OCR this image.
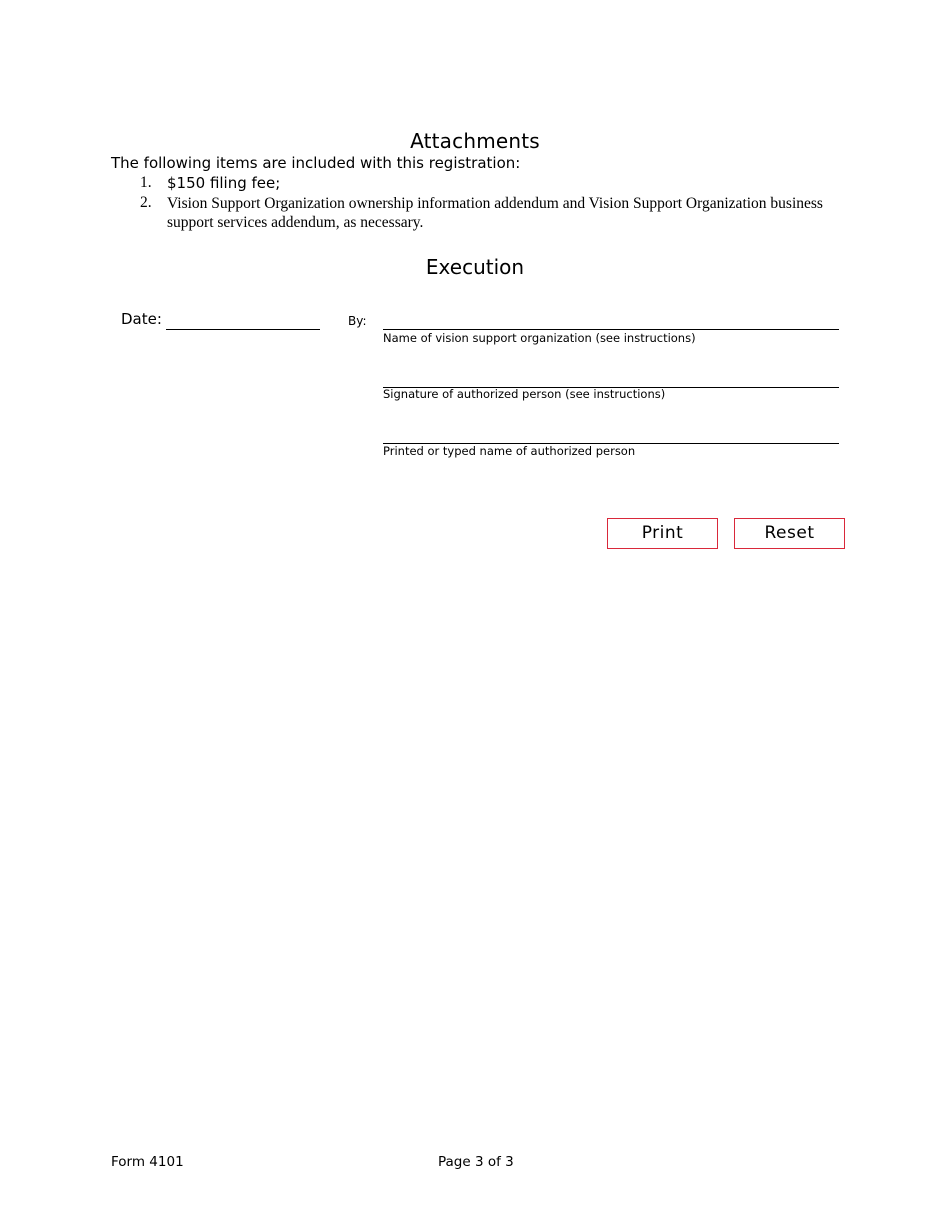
Attachments
The following items are included with this registration:
1. $150 filing fee;
2. Vision Support Organization ownership information addendum and Vision Support Organization business support services addendum, as necessary.
Execution
Date:	By:
Name of vision support organization (see instructions)
Signature of authorized person (see instructions)
Printed or typed name of authorized person
Print	Reset
Form 4101	Page 3 of 3
